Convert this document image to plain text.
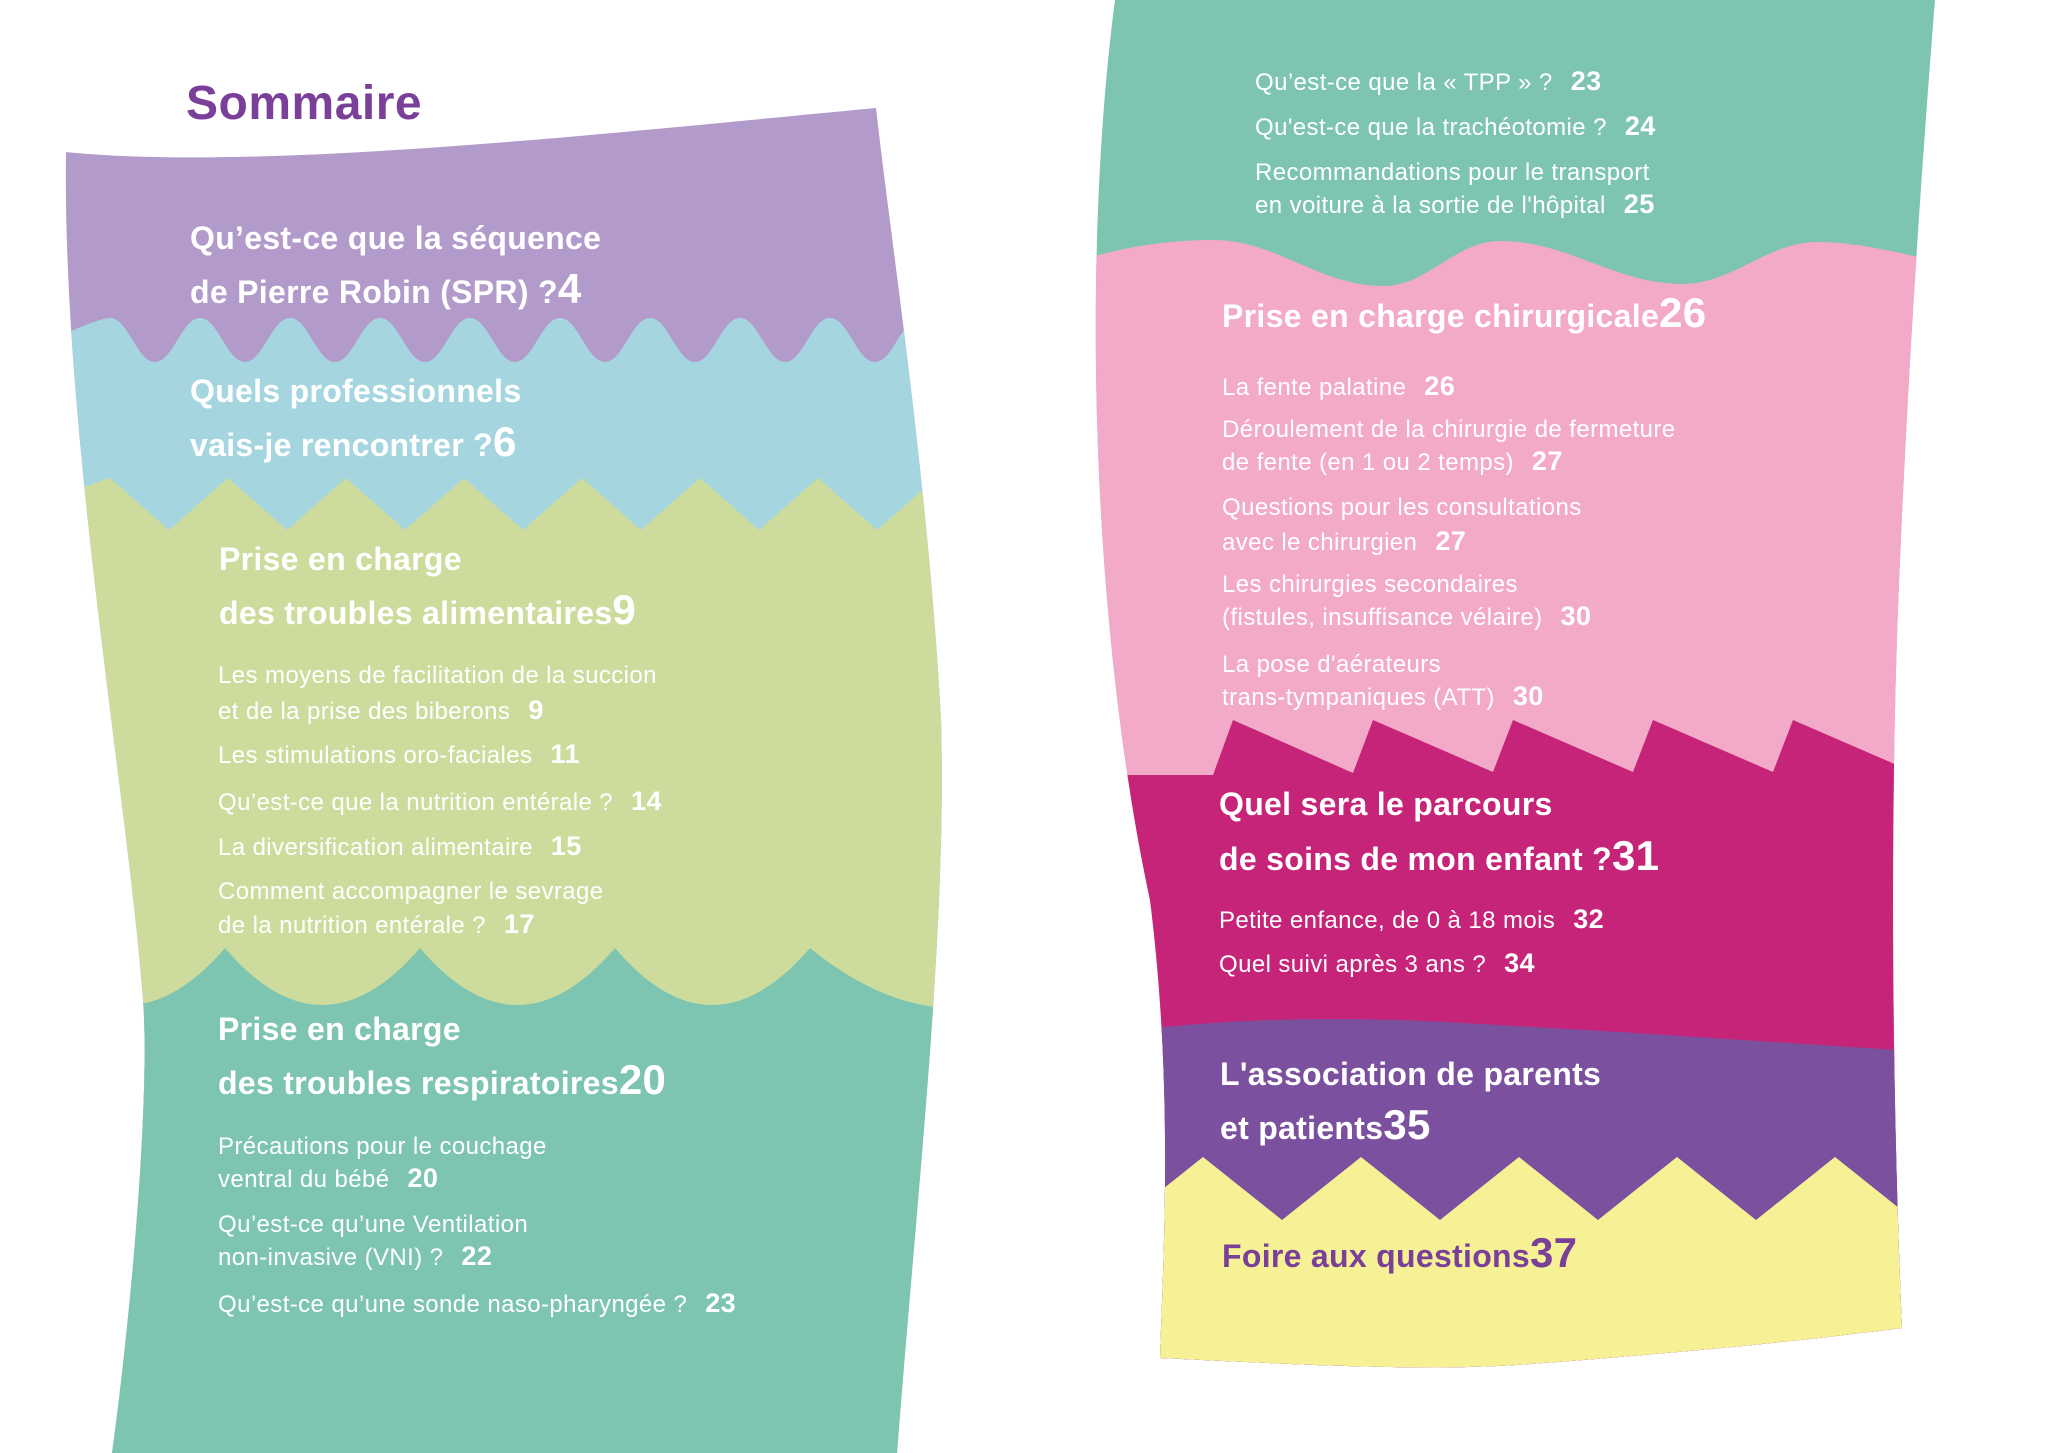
Sommaire
Qu’est-ce que la séquence
de Pierre Robin (SPR) ? 4
Quels professionnels
vais-je rencontrer ? 6
Prise en charge
des troubles alimentaires 9
Les moyens de facilitation de la succion
et de la prise des biberons 9
Les stimulations oro-faciales 11
Qu’est-ce que la nutrition entérale ? 14
La diversification alimentaire 15
Comment accompagner le sevrage
de la nutrition entérale ? 17
Prise en charge
des troubles respiratoires 20
Précautions pour le couchage
ventral du bébé 20
Qu’est-ce qu’une Ventilation
non-invasive (VNI) ? 22
Qu’est-ce qu’une sonde naso-pharyngée ? 23
Qu’est-ce que la « TPP » ? 23
Qu'est-ce que la trachéotomie ? 24
Recommandations pour le transport
en voiture à la sortie de l'hôpital 25
Prise en charge chirurgicale 26
La fente palatine 26
Déroulement de la chirurgie de fermeture
de fente (en 1 ou 2 temps) 27
Questions pour les consultations
avec le chirurgien 27
Les chirurgies secondaires
(fistules, insuffisance vélaire) 30
La pose d'aérateurs
trans-tympaniques (ATT) 30
Quel sera le parcours
de soins de mon enfant ? 31
Petite enfance, de 0 à 18 mois 32
Quel suivi après 3 ans ? 34
L'association de parents
et patients 35
Foire aux questions 37
